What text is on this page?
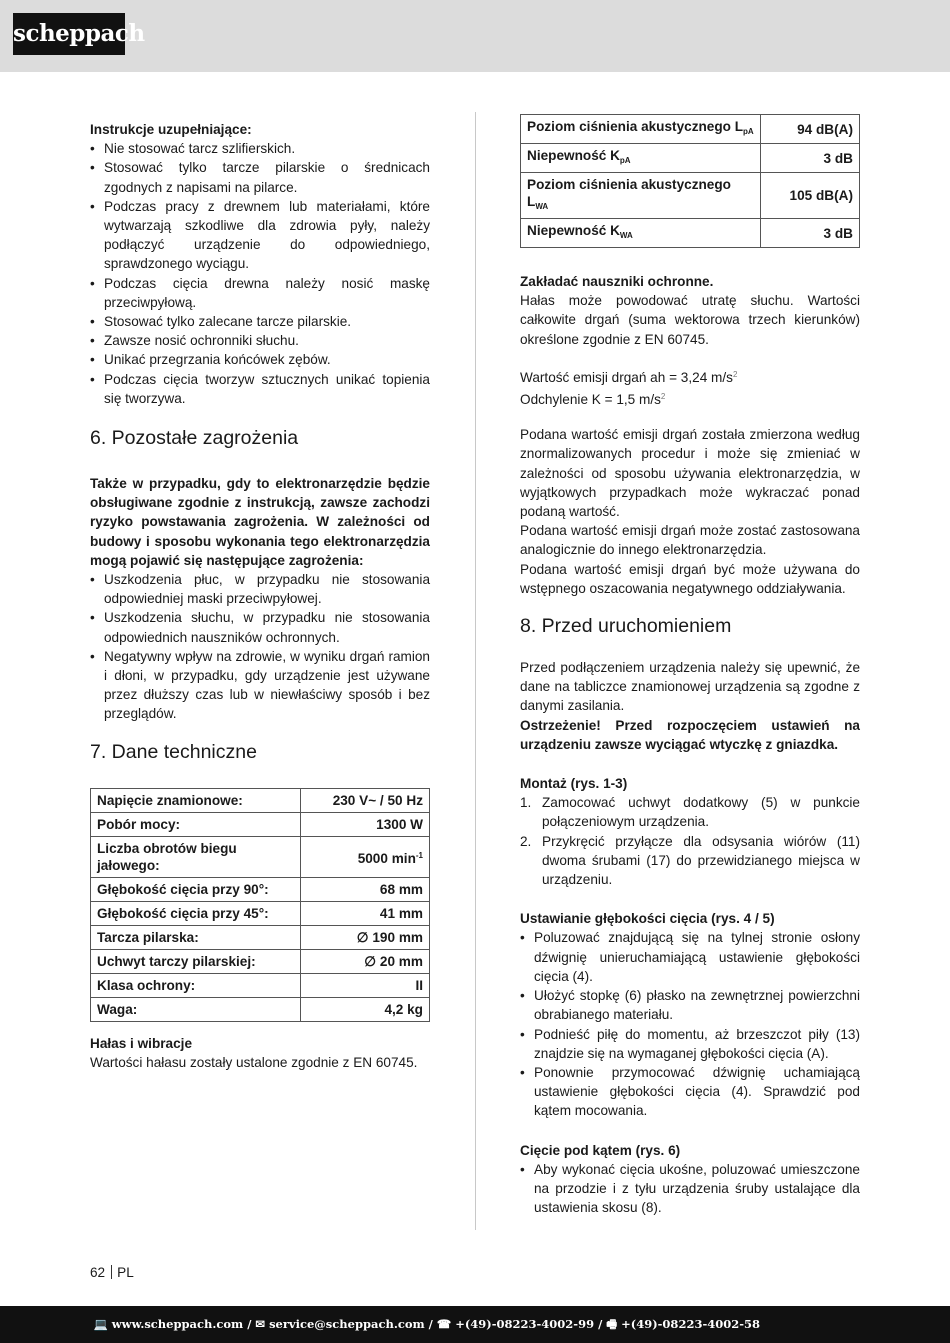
scheppach
Instrukcje uzupełniające:
• Nie stosować tarcz szlifierskich.
• Stosować tylko tarcze pilarskie o średnicach zgodnych z napisami na pilarce.
• Podczas pracy z drewnem lub materiałami, które wytwarzają szkodliwe dla zdrowia pyły, należy podłączyć urządzenie do odpowiedniego, sprawdzonego wyciągu.
• Podczas cięcia drewna należy nosić maskę przeciwpyłową.
• Stosować tylko zalecane tarcze pilarskie.
• Zawsze nosić ochronniki słuchu.
• Unikać przegrzania końcówek zębów.
• Podczas cięcia tworzyw sztucznych unikać topienia się tworzywa.
6. Pozostałe zagrożenia

Także w przypadku, gdy to elektronarzędzie będzie obsługiwane zgodnie z instrukcją, zawsze zachodzi ryzyko powstawania zagrożenia. W zależności od budowy i sposobu wykonania tego elektronarzędzia mogą pojawić się następujące zagrożenia:

• Uszkodzenia płuc, w przypadku nie stosowania odpowiedniej maski przeciwpyłowej.
• Uszkodzenia słuchu, w przypadku nie stosowania odpowiednich nauszników ochronnych.
• Negatywny wpływ na zdrowie, w wyniku drgań ramion i dłoni, w przypadku, gdy urządzenie jest używane przez dłuższy czas lub w niewłaściwy sposób i bez przeglądów.
7. Dane techniczne
Napięcie znamionowe:	230 V~ / 50 Hz
Pobór mocy:	1300 W
Liczba obrotów biegu jałowego:	5000 $\min^{-1}$
Głębokość cięcia przy 90°:	68 mm
Głębokość cięcia przy 45°:	41 mm
Tarcza pilarska:	∅ 190 mm
Uchwyt tarczy pilarskiej:	∅ 20 mm
Klasa ochrony:	II
Waga:	4,2 kg
Hałas i wibracje

Wartości hałasu zostały ustalone zgodnie z EN 60745.

Poziom ciśnienia akustycznego $L_{pA}$	94 dB(A)
Niepewność $K_{pA}$	3 dB
Poziom ciśnienia akustycznego $L_{WA}$	105 dB(A)
Niepewność $K_{WA}$	3 dB
Zakładać nauszniki ochronne.

Hałas może powodować utratę słuchu. Wartości całkowite drgań (suma wektorowa trzech kierunków) określone zgodnie z EN 60745.

Wartość emisji drgań ah = 3,24 $m/s^2$
Odchylenie K = 1,5 $m/s^2$

Podana wartość emisji drgań została zmierzona według znormalizowanych procedur i może się zmieniać w zależności od sposobu używania elektronarzędzia, w wyjątkowych przypadkach może wykraczać ponad podaną wartość.

Podana wartość emisji drgań może zostać zastosowana analogicznie do innego elektronarzędzia.

Podana wartość emisji drgań być może używana do wstępnego oszacowania negatywnego oddziaływania.

8. Przed uruchomieniem

Przed podłączeniem urządzenia należy się upewnić, że dane na tabliczce znamionowej urządzenia są zgodne z danymi zasilania.

Ostrzeżenie! Przed rozpoczęciem ustawień na urządzeniu zawsze wyciągać wtyczkę z gniazdka.

Montaż (rys. 1-3)
1. Zamocować uchwyt dodatkowy (5) w punkcie połączeniowym urządzenia.
2. Przykręcić przyłącze dla odsysania wiórów (11) dwoma śrubami (17) do przewidzianego miejsca w urządzeniu.
Ustawianie głębokości cięcia (rys. 4 / 5)
• Poluzować znajdującą się na tylnej stronie osłony dźwignię unieruchamiającą ustawienie głębokości cięcia (4).
• Ułożyć stopkę (6) płasko na zewnętrznej powierzchni obrabianego materiału.
• Podnieść piłę do momentu, aż brzeszczot piły (13) znajdzie się na wymaganej głębokości cięcia (A).
• Ponownie przymocować dźwignię uchamiającą ustawienie głębokości cięcia (4). Sprawdzić pod kątem mocowania.
Cięcie pod kątem (rys. 6)
• Aby wykonać cięcia ukośne, poluzować umieszczone na przodzie i z tyłu urządzenia śruby ustalające dla ustawienia skosu (8).
62 PL
💻 www.scheppach.com / ✉ service@scheppach.com / ☎ +(49)-08223-4002-99 / 🖷 +(49)-08223-4002-58
